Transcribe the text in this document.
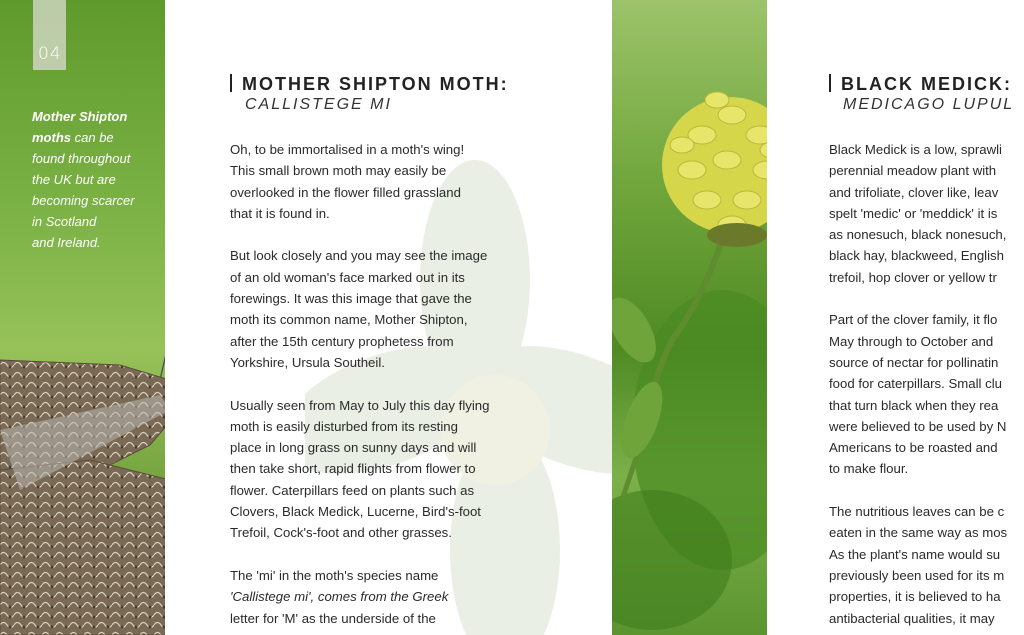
04
Mother Shipton moths can be
found throughout
the UK but are
becoming scarcer
in Scotland
and Ireland.
MOTHER SHIPTON MOTH:
CALLISTEGE MI

Oh, to be immortalised in a moth's wing!
This small brown moth may easily be
overlooked in the flower filled grassland
that it is found in.

But look closely and you may see the image
of an old woman's face marked out in its
forewings. It was this image that gave the
moth its common name, Mother Shipton,
after the 15th century prophetess from
Yorkshire, Ursula Southeil.

Usually seen from May to July this day flying
moth is easily disturbed from its resting
place in long grass on sunny days and will
then take short, rapid flights from flower to
flower. Caterpillars feed on plants such as
Clovers, Black Medick, Lucerne, Bird's-foot
Trefoil, Cock's-foot and other grasses.

The 'mi' in the moth's species name
'Callistege mi', comes from the Greek
letter for 'M' as the underside of the

BLACK MEDICK:
MEDICAGO LUPUL

Black Medick is a low, sprawli
perennial meadow plant with
and trifoliate, clover like, leav
spelt 'medic' or 'meddick' it is
as nonesuch, black nonesuch,
black hay, blackweed, English
trefoil, hop clover or yellow tr

Part of the clover family, it flo
May through to October and
source of nectar for pollinatin
food for caterpillars. Small clu
that turn black when they rea
were believed to be used by N
Americans to be roasted and
to make flour.

The nutritious leaves can be c
eaten in the same way as mos
As the plant's name would su
previously been used for its m
properties, it is believed to ha
antibacterial qualities, it may
